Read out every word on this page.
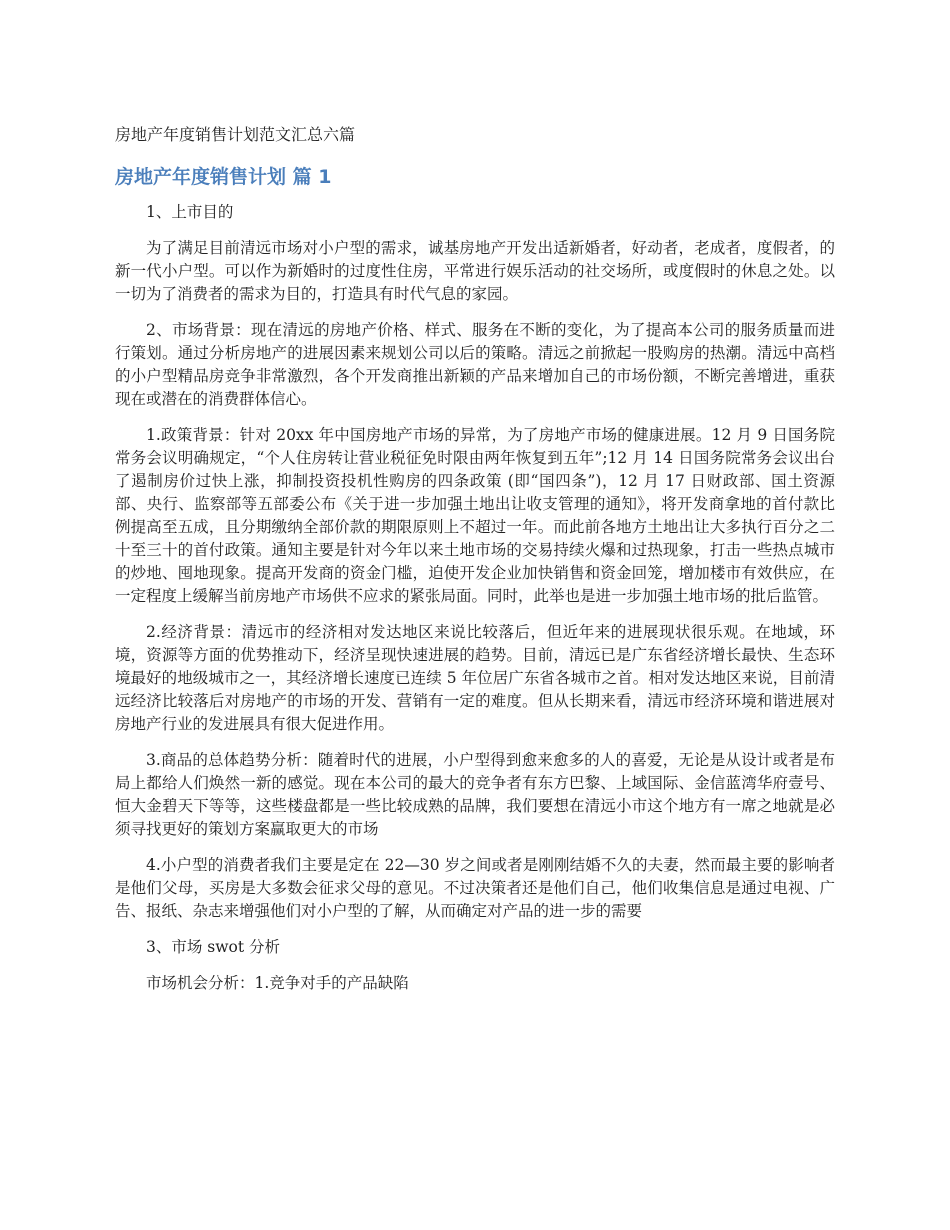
房地产年度销售计划范文汇总六篇
房地产年度销售计划 篇 1

1、上市目的

为了满足目前清远市场对小户型的需求，诚基房地产开发出适新婚者，好动者，老成者，度假者，的新一代小户型。可以作为新婚时的过度性住房，平常进行娱乐活动的社交场所，或度假时的休息之处。以一切为了消费者的需求为目的，打造具有时代气息的家园。

2、市场背景：现在清远的房地产价格、样式、服务在不断的变化，为了提高本公司的服务质量而进行策划。通过分析房地产的进展因素来规划公司以后的策略。清远之前掀起一股购房的热潮。清远中高档的小户型精品房竞争非常激烈，各个开发商推出新颖的产品来增加自己的市场份额，不断完善增进，重获现在或潜在的消费群体信心。

1.政策背景：针对 20xx 年中国房地产市场的异常，为了房地产市场的健康进展。12 月 9 日国务院常务会议明确规定，“个人住房转让营业税征免时限由两年恢复到五年”;12 月 14 日国务院常务会议出台了遏制房价过快上涨，抑制投资投机性购房的四条政策 (即“国四条”)，12 月 17 日财政部、国土资源部、央行、监察部等五部委公布《关于进一步加强土地出让收支管理的通知》，将开发商拿地的首付款比例提高至五成，且分期缴纳全部价款的期限原则上不超过一年。而此前各地方土地出让大多执行百分之二十至三十的首付政策。通知主要是针对今年以来土地市场的交易持续火爆和过热现象，打击一些热点城市的炒地、囤地现象。提高开发商的资金门槛，迫使开发企业加快销售和资金回笼，增加楼市有效供应，在一定程度上缓解当前房地产市场供不应求的紧张局面。同时，此举也是进一步加强土地市场的批后监管。

2.经济背景：清远市的经济相对发达地区来说比较落后，但近年来的进展现状很乐观。在地域，环境，资源等方面的优势推动下，经济呈现快速进展的趋势。目前，清远已是广东省经济增长最快、生态环境最好的地级城市之一，其经济增长速度已连续 5 年位居广东省各城市之首。相对发达地区来说，目前清远经济比较落后对房地产的市场的开发、营销有一定的难度。但从长期来看，清远市经济环境和谐进展对房地产行业的发进展具有很大促进作用。

3.商品的总体趋势分析：随着时代的进展，小户型得到愈来愈多的人的喜爱，无论是从设计或者是布局上都给人们焕然一新的感觉。现在本公司的最大的竞争者有东方巴黎、上域国际、金信蓝湾华府壹号、恒大金碧天下等等，这些楼盘都是一些比较成熟的品牌，我们要想在清远小市这个地方有一席之地就是必须寻找更好的策划方案赢取更大的市场

4.小户型的消费者我们主要是定在 22—30 岁之间或者是刚刚结婚不久的夫妻，然而最主要的影响者是他们父母，买房是大多数会征求父母的意见。不过决策者还是他们自己，他们收集信息是通过电视、广告、报纸、杂志来增强他们对小户型的了解，从而确定对产品的进一步的需要

3、市场 swot 分析

市场机会分析：1.竞争对手的产品缺陷
